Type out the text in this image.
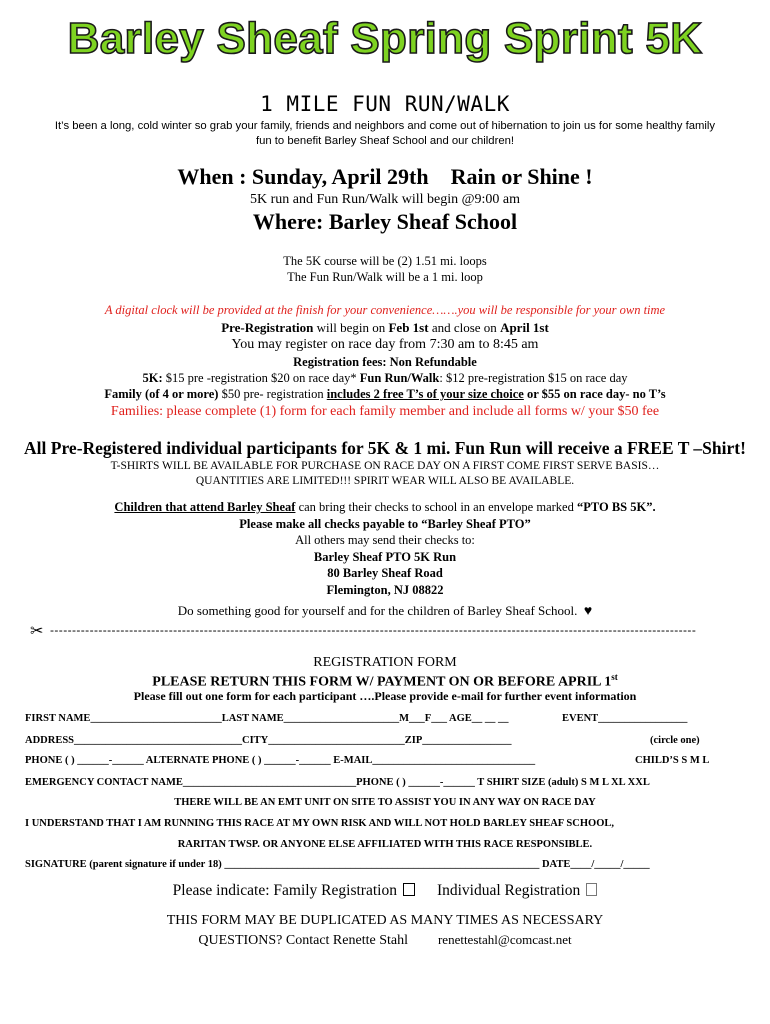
Barley Sheaf Spring Sprint 5K
1 MILE FUN RUN/WALK
It’s been a long, cold winter so grab your family, friends and neighbors and come out of hibernation to join us for some healthy family
fun to benefit Barley Sheaf School and our children!
When : Sunday, April 29th Rain or Shine !
5K run and Fun Run/Walk will begin @9:00 am
Where: Barley Sheaf School
The 5K course will be (2) 1.51 mi. loops
The Fun Run/Walk will be a 1 mi. loop
A digital clock will be provided at the finish for your convenience…….you will be responsible for your own time
Pre-Registration will begin on Feb 1st and close on April 1st
You may register on race day from 7:30 am to 8:45 am
Registration fees: Non Refundable
5K: $15 pre -registration $20 on race day* Fun Run/Walk: $12 pre-registration $15 on race day
Family (of 4 or more) $50 pre- registration includes 2 free T’s of your size choice or $55 on race day- no T’s
Families: please complete (1) form for each family member and include all forms w/ your $50 fee
All Pre-Registered individual participants for 5K & 1 mi. Fun Run will receive a FREE T –Shirt!
T-SHIRTS WILL BE AVAILABLE FOR PURCHASE ON RACE DAY ON A FIRST COME FIRST SERVE BASIS…
QUANTITIES ARE LIMITED!!! SPIRIT WEAR WILL ALSO BE AVAILABLE.
Children that attend Barley Sheaf can bring their checks to school in an envelope marked “PTO BS 5K”.
Please make all checks payable to “Barley Sheaf PTO”
All others may send their checks to:
Barley Sheaf PTO 5K Run
80 Barley Sheaf Road
Flemington, NJ 08822
Do something good for yourself and for the children of Barley Sheaf School. ♥
✂ ---------------------------------------------------------------------------------------------------------------------------------------------------
REGISTRATION FORM
PLEASE RETURN THIS FORM W/ PAYMENT ON OR BEFORE APRIL 1st
Please fill out one form for each participant ….Please provide e-mail for further event information
FIRST NAME_________________________LAST NAME______________________M___F___ AGE__ __ __	EVENT_________________
ADDRESS________________________________CITY__________________________ZIP_________________	(circle one)
PHONE ( ) ______-______ ALTERNATE PHONE ( ) ______-______ E-MAIL_______________________________	CHILD’S S M L
EMERGENCY CONTACT NAME_________________________________PHONE ( ) ______-______ T SHIRT SIZE (adult) S M L XL XXL
THERE WILL BE AN EMT UNIT ON SITE TO ASSIST YOU IN ANY WAY ON RACE DAY
I UNDERSTAND THAT I AM RUNNING THIS RACE AT MY OWN RISK AND WILL NOT HOLD BARLEY SHEAF SCHOOL,
RARITAN TWSP. OR ANYONE ELSE AFFILIATED WITH THIS RACE RESPONSIBLE.
SIGNATURE (parent signature if under 18) ____________________________________________________________ DATE____/_____/_____
Please indicate: Family Registration	Individual Registration
THIS FORM MAY BE DUPLICATED AS MANY TIMES AS NECESSARY
QUESTIONS? Contact Renette Stahl renettestahl@comcast.net
